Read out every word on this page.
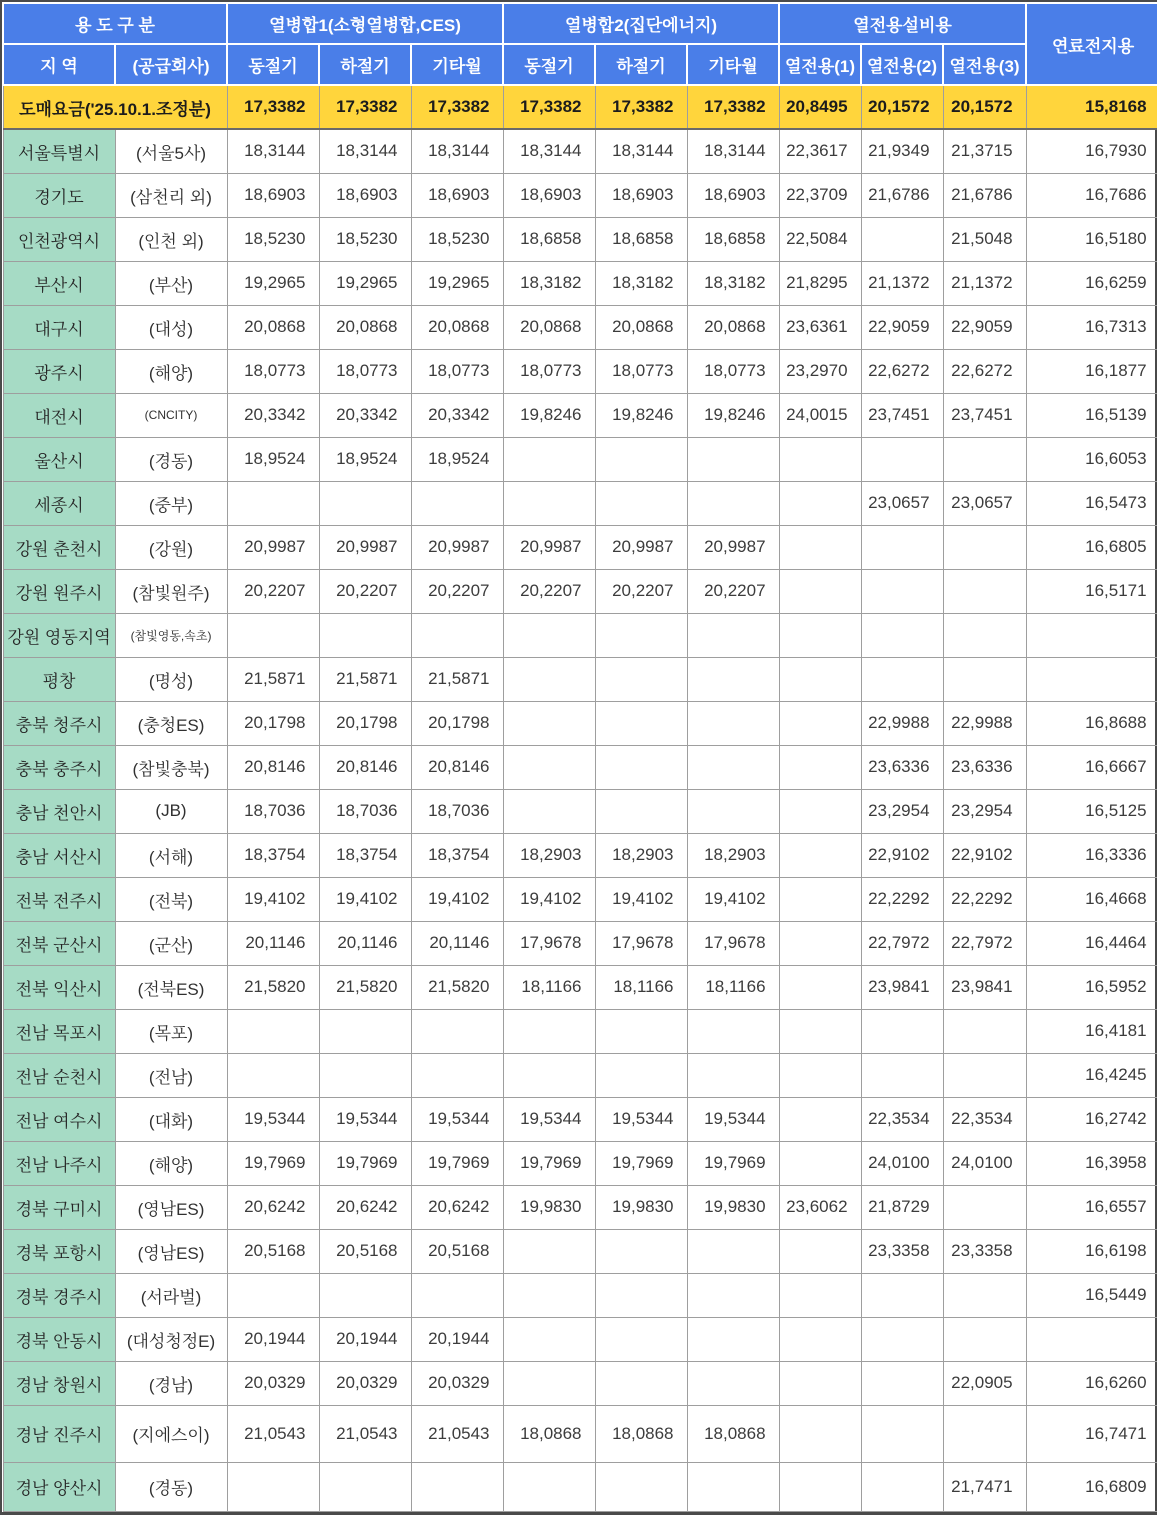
용 도 구 분		열병합1(소형열병합,CES)			열병합2(집단에너지)			열전용설비용			연료전지용
지 역	(공급회사)	동절기	하절기	기타월	동절기	하절기	기타월	열전용(1)	열전용(2)	열전용(3)	
도매요금('25.10.1.조정분)		17,3382	17,3382	17,3382	17,3382	17,3382	17,3382	20,8495	20,1572	20,1572	15,8168
서울특별시	(서울5사)	18,3144	18,3144	18,3144	18,3144	18,3144	18,3144	22,3617	21,9349	21,3715	16,7930
경기도	(삼천리 외)	18,6903	18,6903	18,6903	18,6903	18,6903	18,6903	22,3709	21,6786	21,6786	16,7686
인천광역시	(인천 외)	18,5230	18,5230	18,5230	18,6858	18,6858	18,6858	22,5084		21,5048	16,5180
부산시	(부산)	19,2965	19,2965	19,2965	18,3182	18,3182	18,3182	21,8295	21,1372	21,1372	16,6259
대구시	(대성)	20,0868	20,0868	20,0868	20,0868	20,0868	20,0868	23,6361	22,9059	22,9059	16,7313
광주시	(해양)	18,0773	18,0773	18,0773	18,0773	18,0773	18,0773	23,2970	22,6272	22,6272	16,1877
대전시	(CNCITY)	20,3342	20,3342	20,3342	19,8246	19,8246	19,8246	24,0015	23,7451	23,7451	16,5139
울산시	(경동)	18,9524	18,9524	18,9524							16,6053
세종시	(중부)								23,0657	23,0657	16,5473
강원 춘천시	(강원)	20,9987	20,9987	20,9987	20,9987	20,9987	20,9987				16,6805
강원 원주시	(참빛원주)	20,2207	20,2207	20,2207	20,2207	20,2207	20,2207				16,5171
강원 영동지역	(참빛영동,속초)										
평창	(명성)	21,5871	21,5871	21,5871							
충북 청주시	(충청ES)	20,1798	20,1798	20,1798					22,9988	22,9988	16,8688
충북 충주시	(참빛충북)	20,8146	20,8146	20,8146					23,6336	23,6336	16,6667
충남 천안시	(JB)	18,7036	18,7036	18,7036					23,2954	23,2954	16,5125
충남 서산시	(서해)	18,3754	18,3754	18,3754	18,2903	18,2903	18,2903		22,9102	22,9102	16,3336
전북 전주시	(전북)	19,4102	19,4102	19,4102	19,4102	19,4102	19,4102		22,2292	22,2292	16,4668
전북 군산시	(군산)	20,1146	20,1146	20,1146	17,9678	17,9678	17,9678		22,7972	22,7972	16,4464
전북 익산시	(전북ES)	21,5820	21,5820	21,5820	18,1166	18,1166	18,1166		23,9841	23,9841	16,5952
전남 목포시	(목포)										16,4181
전남 순천시	(전남)										16,4245
전남 여수시	(대화)	19,5344	19,5344	19,5344	19,5344	19,5344	19,5344		22,3534	22,3534	16,2742
전남 나주시	(해양)	19,7969	19,7969	19,7969	19,7969	19,7969	19,7969		24,0100	24,0100	16,3958
경북 구미시	(영남ES)	20,6242	20,6242	20,6242	19,9830	19,9830	19,9830	23,6062	21,8729		16,6557
경북 포항시	(영남ES)	20,5168	20,5168	20,5168					23,3358	23,3358	16,6198
경북 경주시	(서라벌)										16,5449
경북 안동시	(대성청정E)	20,1944	20,1944	20,1944							
경남 창원시	(경남)	20,0329	20,0329	20,0329						22,0905	16,6260
경남 진주시	(지에스이)	21,0543	21,0543	21,0543	18,0868	18,0868	18,0868				16,7471
경남 양산시	(경동)									21,7471	16,6809
